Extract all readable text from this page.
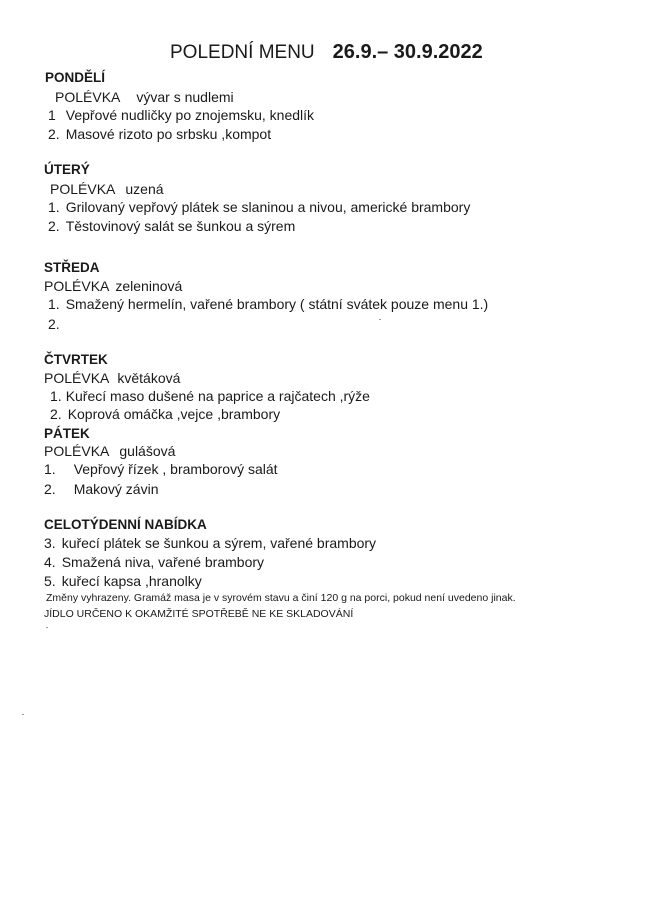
POLEDNÍ MENU 26.9.– 30.9.2022
PONDĚLÍ
POLÉVKA vývar s nudlemi
1 Vepřové nudličky po znojemsku, knedlík
2. Masové rizoto po srbsku ,kompot
ÚTERÝ
POLÉVKA uzená
1. Grilovaný vepřový plátek se slaninou a nivou, americké brambory
2. Těstovinový salát se šunkou a sýrem
STŘEDA
POLÉVKA zeleninová
1. Smažený hermelín, vařené brambory ( státní svátek pouze menu 1.)
2.
ČTVRTEK
POLÉVKA květáková
1. Kuřecí maso dušené na paprice a rajčatech ,rýže
2. Koprová omáčka ,vejce ,brambory
PÁTEK
POLÉVKA gulášová
1. Vepřový řízek , bramborový salát
2. Makový závin
CELOTÝDENNÍ NABÍDKA
3. kuřecí plátek se šunkou a sýrem, vařené brambory
4. Smažená niva, vařené brambory
5. kuřecí kapsa ,hranolky
Změny vyhrazeny. Gramáž masa je v syrovém stavu a činí 120 g na porci, pokud není uvedeno jinak.
JÍDLO URČENO K OKAMŽITÉ SPOTŘEBĚ NE KE SKLADOVÁNÍ
